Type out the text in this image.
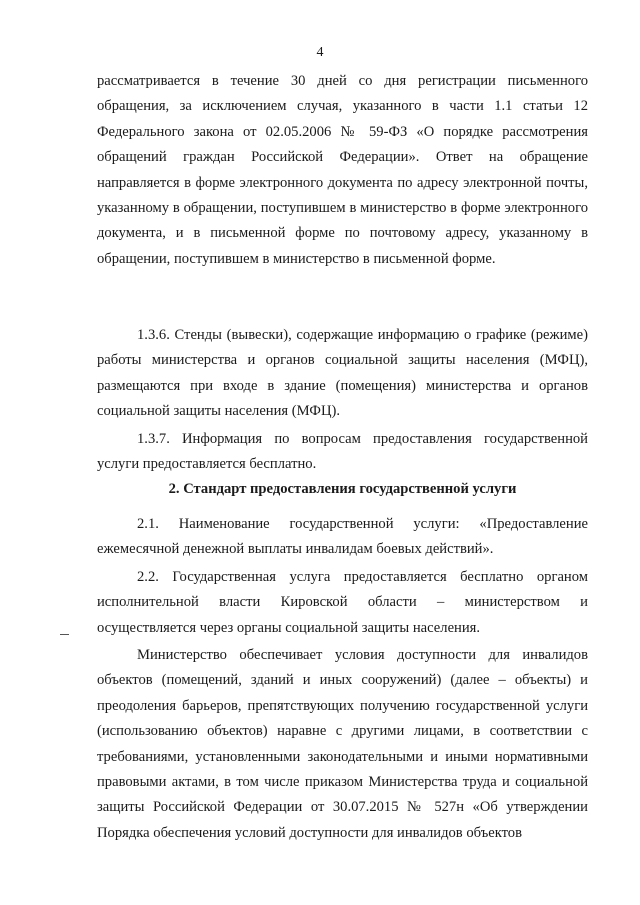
4

рассматривается в течение 30 дней со дня регистрации письменного обращения, за исключением случая, указанного в части 1.1 статьи 12 Федерального закона от 02.05.2006 № 59-ФЗ «О порядке рассмотрения обращений граждан Российской Федерации». Ответ на обращение направляется в форме электронного документа по адресу электронной почты, указанному в обращении, поступившем в министерство в форме электронного документа, и в письменной форме по почтовому адресу, указанному в обращении, поступившем в министерство в письменной форме.

1.3.6. Стенды (вывески), содержащие информацию о графике (режиме) работы министерства и органов социальной защиты населения (МФЦ), размещаются при входе в здание (помещения) министерства и органов социальной защиты населения (МФЦ).

1.3.7. Информация по вопросам предоставления государственной услуги предоставляется бесплатно.

2. Стандарт предоставления государственной услуги

2.1. Наименование государственной услуги: «Предоставление ежемесячной денежной выплаты инвалидам боевых действий».

2.2. Государственная услуга предоставляется бесплатно органом исполнительной власти Кировской области – министерством и осуществляется через органы социальной защиты населения.

Министерство обеспечивает условия доступности для инвалидов объектов (помещений, зданий и иных сооружений) (далее – объекты) и преодоления барьеров, препятствующих получению государственной услуги (использованию объектов) наравне с другими лицами, в соответствии с требованиями, установленными законодательными и иными нормативными правовыми актами, в том числе приказом Министерства труда и социальной защиты Российской Федерации от 30.07.2015 № 527н «Об утверждении Порядка обеспечения условий доступности для инвалидов объектов
